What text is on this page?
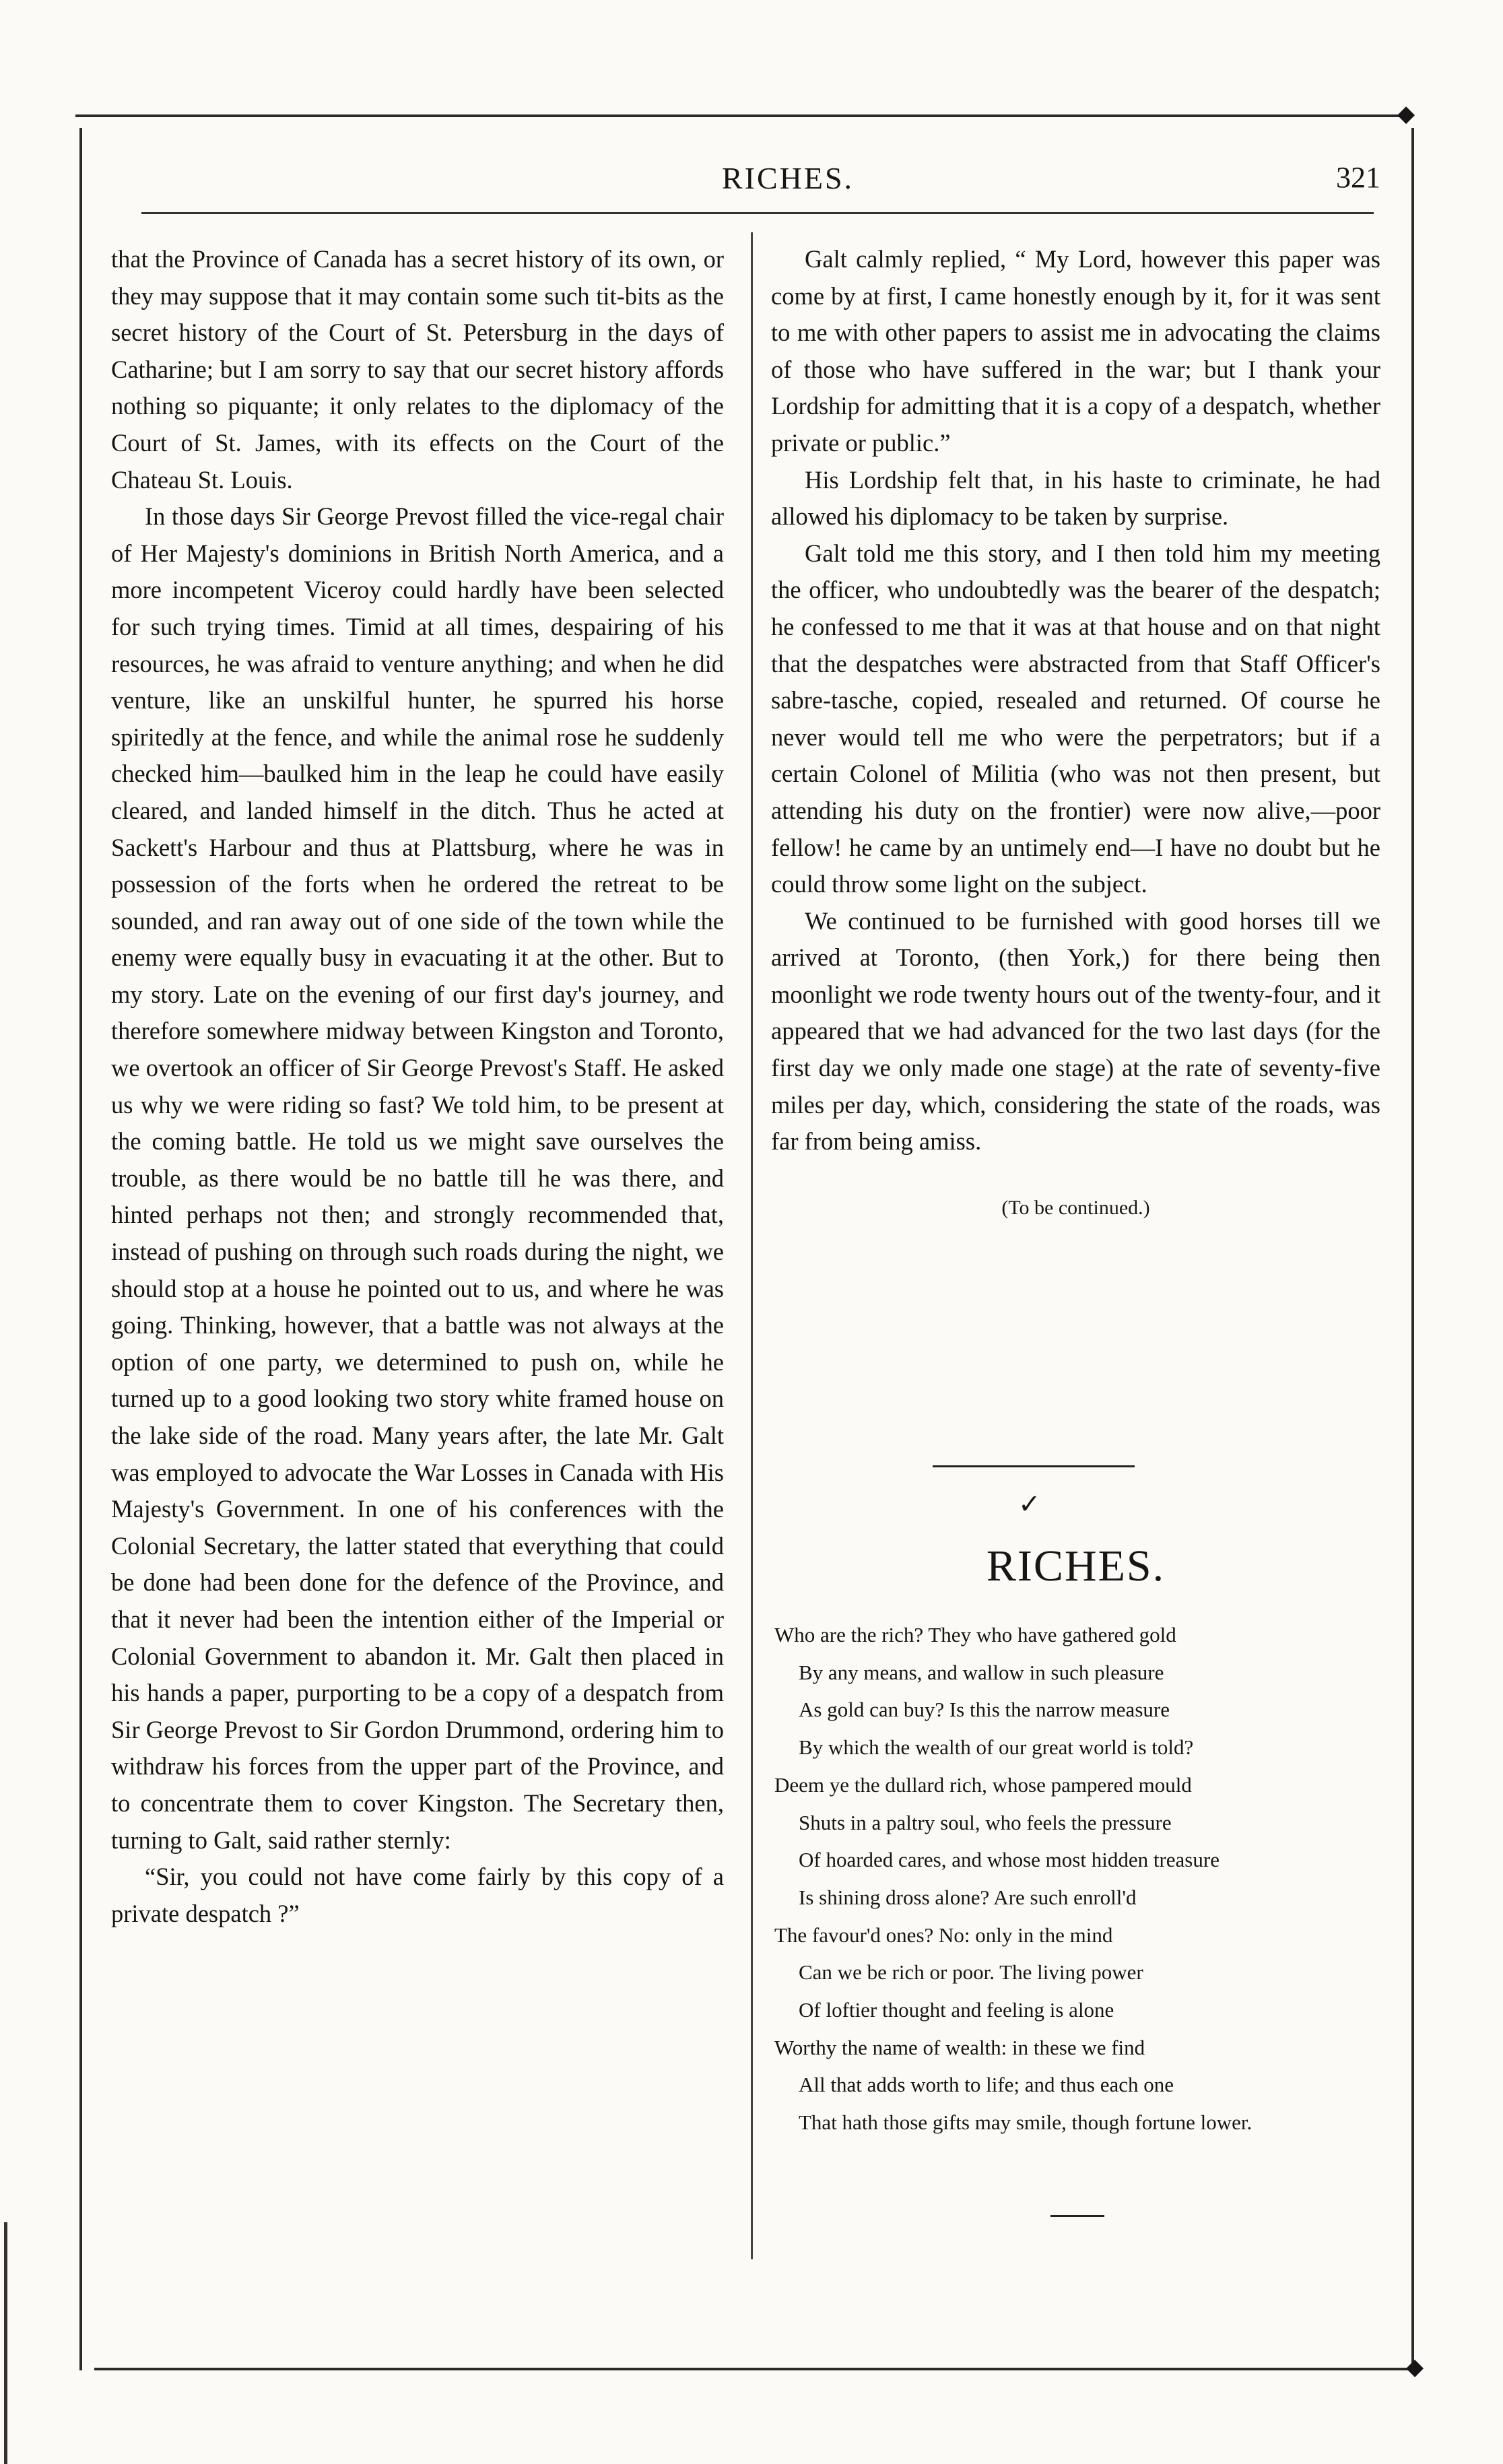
◆
◆
RICHES.	321

that the Province of Canada has a secret history of its own, or they may suppose that it may contain some such tit-bits as the secret history of the Court of St. Petersburg in the days of Catharine; but I am sorry to say that our secret history affords nothing so piquante; it only relates to the diplomacy of the Court of St. James, with its effects on the Court of the Chateau St. Louis.

In those days Sir George Prevost filled the vice-regal chair of Her Majesty's dominions in British North America, and a more incompetent Viceroy could hardly have been selected for such trying times. Timid at all times, despairing of his resources, he was afraid to venture anything; and when he did venture, like an unskilful hunter, he spurred his horse spiritedly at the fence, and while the animal rose he suddenly checked him—baulked him in the leap he could have easily cleared, and landed himself in the ditch. Thus he acted at Sackett's Harbour and thus at Plattsburg, where he was in possession of the forts when he ordered the retreat to be sounded, and ran away out of one side of the town while the enemy were equally busy in evacuating it at the other. But to my story. Late on the evening of our first day's journey, and therefore somewhere midway between Kingston and Toronto, we overtook an officer of Sir George Prevost's Staff. He asked us why we were riding so fast? We told him, to be present at the coming battle. He told us we might save ourselves the trouble, as there would be no battle till he was there, and hinted perhaps not then; and strongly recommended that, instead of pushing on through such roads during the night, we should stop at a house he pointed out to us, and where he was going. Thinking, however, that a battle was not always at the option of one party, we determined to push on, while he turned up to a good looking two story white framed house on the lake side of the road. Many years after, the late Mr. Galt was employed to advocate the War Losses in Canada with His Majesty's Government. In one of his conferences with the Colonial Secretary, the latter stated that everything that could be done had been done for the defence of the Province, and that it never had been the intention either of the Imperial or Colonial Government to abandon it. Mr. Galt then placed in his hands a paper, purporting to be a copy of a despatch from Sir George Prevost to Sir Gordon Drummond, ordering him to withdraw his forces from the upper part of the Province, and to concentrate them to cover Kingston. The Secretary then, turning to Galt, said rather sternly:

“Sir, you could not have come fairly by this copy of a private despatch ?”

Galt calmly replied, “ My Lord, however this paper was come by at first, I came honestly enough by it, for it was sent to me with other papers to assist me in advocating the claims of those who have suffered in the war; but I thank your Lordship for admitting that it is a copy of a despatch, whether private or public.”

His Lordship felt that, in his haste to criminate, he had allowed his diplomacy to be taken by surprise.

Galt told me this story, and I then told him my meeting the officer, who undoubtedly was the bearer of the despatch; he confessed to me that it was at that house and on that night that the despatches were abstracted from that Staff Officer's sabre-tasche, copied, resealed and returned. Of course he never would tell me who were the perpetrators; but if a certain Colonel of Militia (who was not then present, but attending his duty on the frontier) were now alive,—poor fellow! he came by an untimely end—I have no doubt but he could throw some light on the subject.

We continued to be furnished with good horses till we arrived at Toronto, (then York,) for there being then moonlight we rode twenty hours out of the twenty-four, and it appeared that we had advanced for the two last days (for the first day we only made one stage) at the rate of seventy-five miles per day, which, considering the state of the roads, was far from being amiss.

(To be continued.)
✓
RICHES.
Who are the rich? They who have gathered gold
By any means, and wallow in such pleasure
As gold can buy? Is this the narrow measure
By which the wealth of our great world is told?
Deem ye the dullard rich, whose pampered mould
Shuts in a paltry soul, who feels the pressure
Of hoarded cares, and whose most hidden treasure
Is shining dross alone? Are such enroll'd
The favour'd ones? No: only in the mind
Can we be rich or poor. The living power
Of loftier thought and feeling is alone
Worthy the name of wealth: in these we find
All that adds worth to life; and thus each one
That hath those gifts may smile, though fortune lower.
